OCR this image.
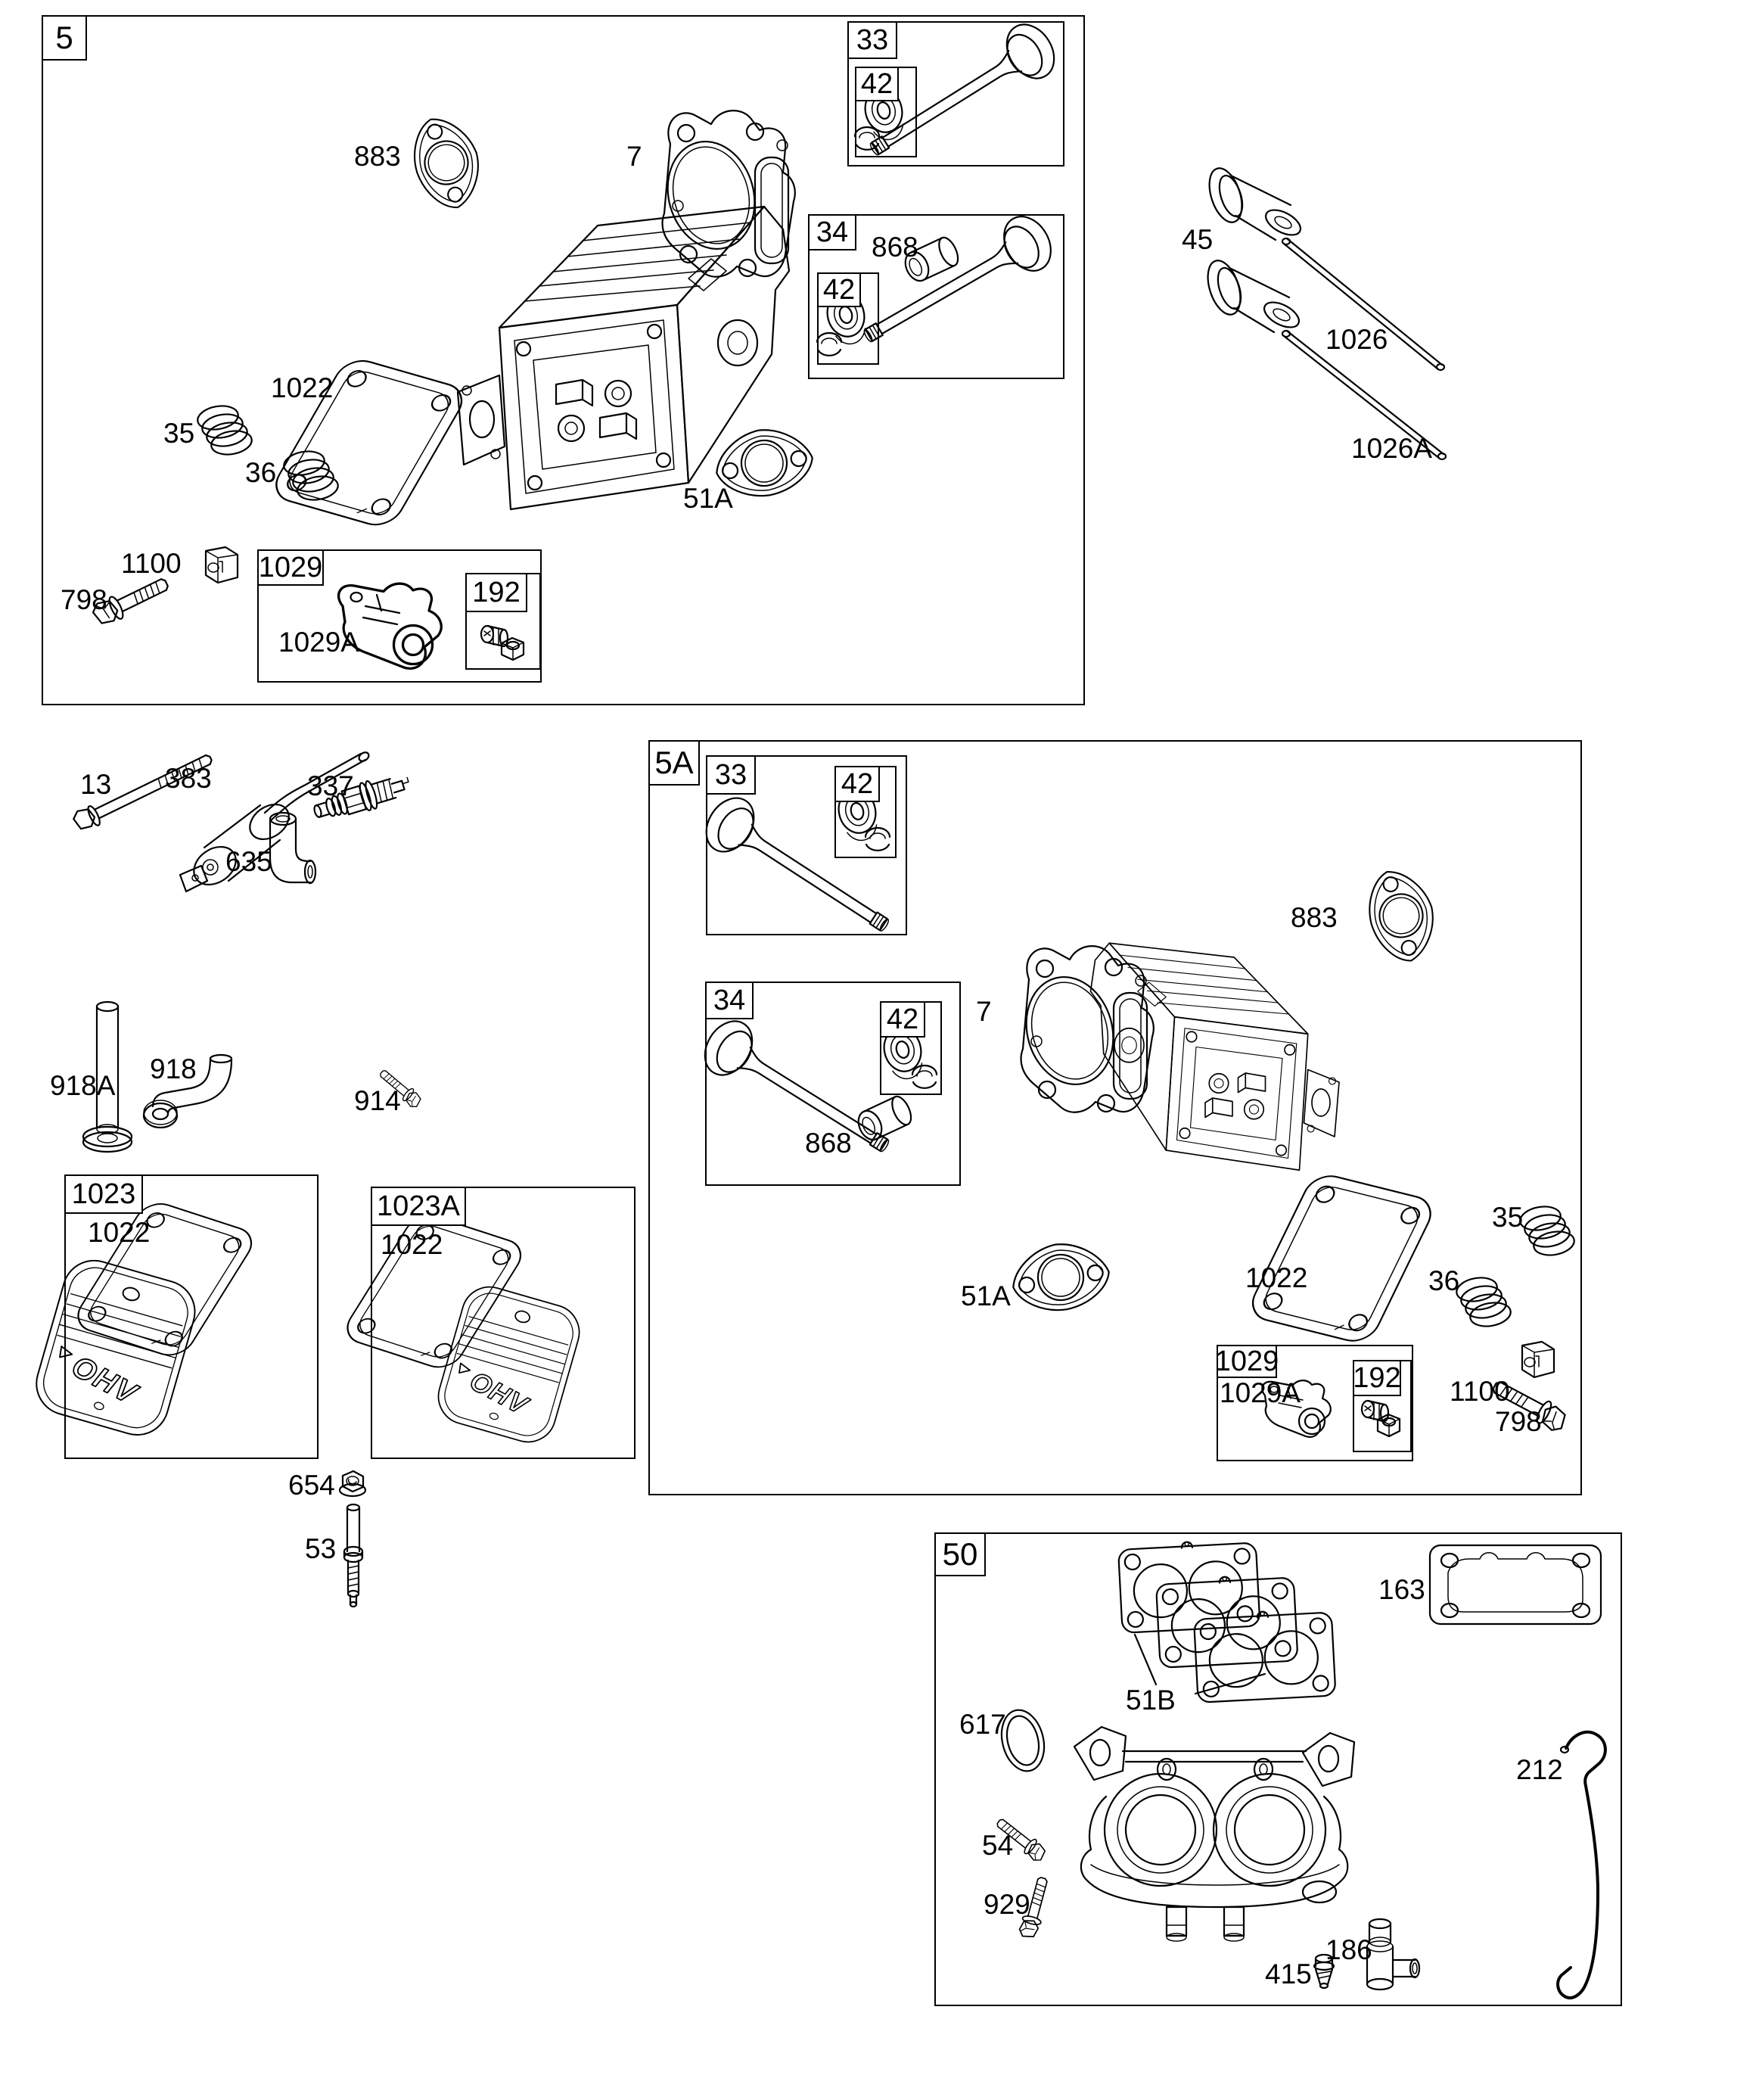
OHV	OHV
5
5A
50
33
42
34
42
1029
192
33	42
34
42
1029
192
1023	1023A
883	7
1022
35
36
51A
1100
798
1029A
868	45
1026
1026A
13 383	337
635
918A
918
914
1022	1022
654
53
883
7
868
1022
35
36
51A
1029A	1100
798
163
51B
617
212
54
929
186
415
